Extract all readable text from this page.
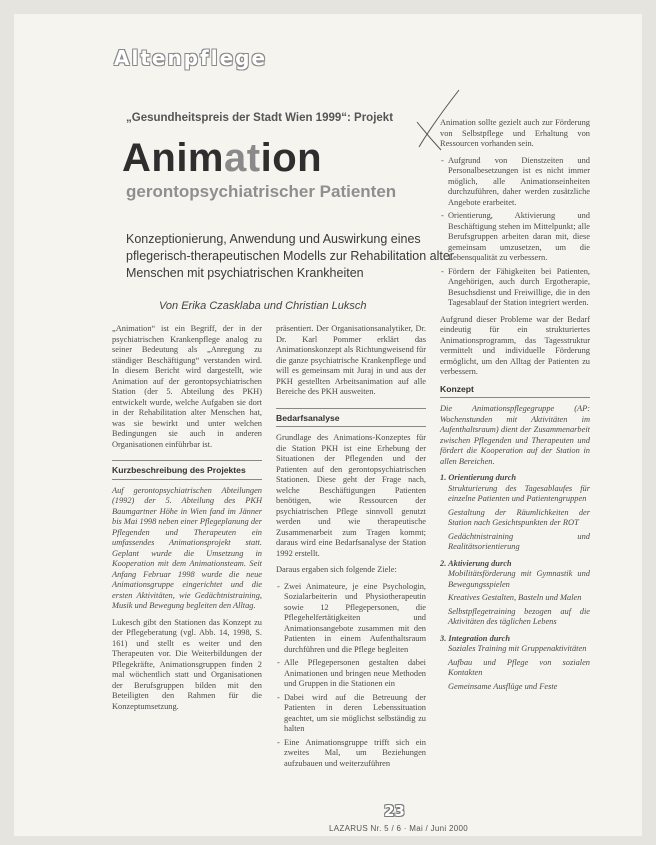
Altenpflege
„Gesundheitspreis der Stadt Wien 1999“: Projekt
Animation
gerontopsychiatrischer Patienten
Konzeptionierung, Anwendung und Auswirkung eines pflegerisch-therapeutischen Modells zur Rehabilitation alter Menschen mit psychiatrischen Krankheiten
Von Erika Czasklaba und Christian Luksch

„Animation“ ist ein Begriff, der in der psychiatrischen Krankenpflege analog zu seiner Bedeutung als „Anregung zu ständiger Beschäftigung“ verstanden wird. In diesem Bericht wird dargestellt, wie Animation auf der gerontopsychiatrischen Station (der 5. Abteilung des PKH) entwickelt wurde, welche Aufgaben sie dort in der Rehabilitation alter Menschen hat, was sie bewirkt und unter welchen Bedingungen sie auch in anderen Organisationen einführbar ist.

Kurzbeschreibung des Projektes

Auf gerontopsychiatrischen Abteilungen (1992) der 5. Abteilung des PKH Baumgartner Höhe in Wien fand im Jänner bis Mai 1998 neben einer Pflegeplanung der Pflegenden und Therapeuten ein umfassendes Animationsprojekt statt. Geplant wurde die Umsetzung in Kooperation mit dem Animationsteam. Seit Anfang Februar 1998 wurde die neue Animationsgruppe eingerichtet und die ersten Aktivitäten, wie Gedächtnistraining, Musik und Bewegung begleiten den Alltag.

Lukesch gibt den Stationen das Konzept zu der Pflegeberatung (vgl. Abb. 14, 1998, S. 161) und stellt es weiter und den Therapeuten vor. Die Weiterbildungen der Pflegekräfte, Animationsgruppen finden 2 mal wöchentlich statt und Organisationen der Berufsgruppen bilden mit den Beteiligten den Rahmen für die Konzeptumsetzung.

präsentiert. Der Organisationsanalytiker, Dr. Dr. Karl Pommer erklärt das Animationskonzept als Richtungweisend für die ganze psychiatrische Krankenpflege und will es gemeinsam mit Juraj in und aus der PKH gestellten Arbeitsanimation auf alle Bereiche des PKH ausweiten.

Bedarfsanalyse

Grundlage des Animations-Konzeptes für die Station PKH ist eine Erhebung der Situationen der Pflegenden und der Patienten auf den gerontopsychiatrischen Stationen. Diese geht der Frage nach, welche Beschäftigungen Patienten benötigen, wie Ressourcen der psychiatrischen Pflege sinnvoll genutzt werden und wie therapeutische Zusammenarbeit zum Tragen kommt; daraus wird eine Bedarfsanalyse der Station 1992 erstellt.

Daraus ergaben sich folgende Ziele:

- Zwei Animateure, je eine Psychologin, Sozialarbeiterin und Physiotherapeutin sowie 12 Pflegepersonen, die Pflegehelfertätigkeiten und Animationsangebote zusammen mit den Patienten in einem Aufenthaltsraum durchführen und die Pflege begleiten
- Alle Pflegepersonen gestalten dabei Animationen und bringen neue Methoden und Gruppen in die Stationen ein
- Dabei wird auf die Betreuung der Patienten in deren Lebenssituation geachtet, um sie möglichst selbständig zu halten
- Eine Animationsgruppe trifft sich ein zweites Mal, um Beziehungen aufzubauen und weiterzuführen

Animation sollte gezielt auch zur Förderung von Selbstpflege und Erhaltung von Ressourcen vorhanden sein.

- Aufgrund von Dienstzeiten und Personalbesetzungen ist es nicht immer möglich, alle Animationseinheiten durchzuführen, daher werden zusätzliche Angebote erarbeitet.
- Orientierung, Aktivierung und Beschäftigung stehen im Mittelpunkt; alle Berufsgruppen arbeiten daran mit, diese gemeinsam umzusetzen, um die Lebensqualität zu verbessern.
- Fördern der Fähigkeiten bei Patienten, Angehörigen, auch durch Ergotherapie, Besuchsdienst und Freiwillige, die in den Tagesablauf der Station integriert werden.

Aufgrund dieser Probleme war der Bedarf eindeutig für ein strukturiertes Animationsprogramm, das Tagesstruktur vermittelt und individuelle Förderung ermöglicht, um den Alltag der Patienten zu verbessern.

Konzept

Die Animationspflegegruppe (AP: Wochenstunden mit Aktivitäten im Aufenthaltsraum) dient der Zusammenarbeit zwischen Pflegenden und Therapeuten und fördert die Kooperation auf der Station in allen Bereichen.

1. Orientierung durch
Strukturierung des Tagesablaufes für einzelne Patienten und Patientengruppen
Gestaltung der Räumlichkeiten der Station nach Gesichtspunkten der ROT
Gedächtnistraining und Realitätsorientierung
2. Aktivierung durch
Mobilitätsförderung mit Gymnastik und Bewegungsspielen
Kreatives Gestalten, Basteln und Malen
Selbstpflegetraining bezogen auf die Aktivitäten des täglichen Lebens
3. Integration durch
Soziales Training mit Gruppenaktivitäten
Aufbau und Pflege von sozialen Kontakten
Gemeinsame Ausflüge und Feste
23
LAZARUS Nr. 5 / 6 · Mai / Juni 2000
